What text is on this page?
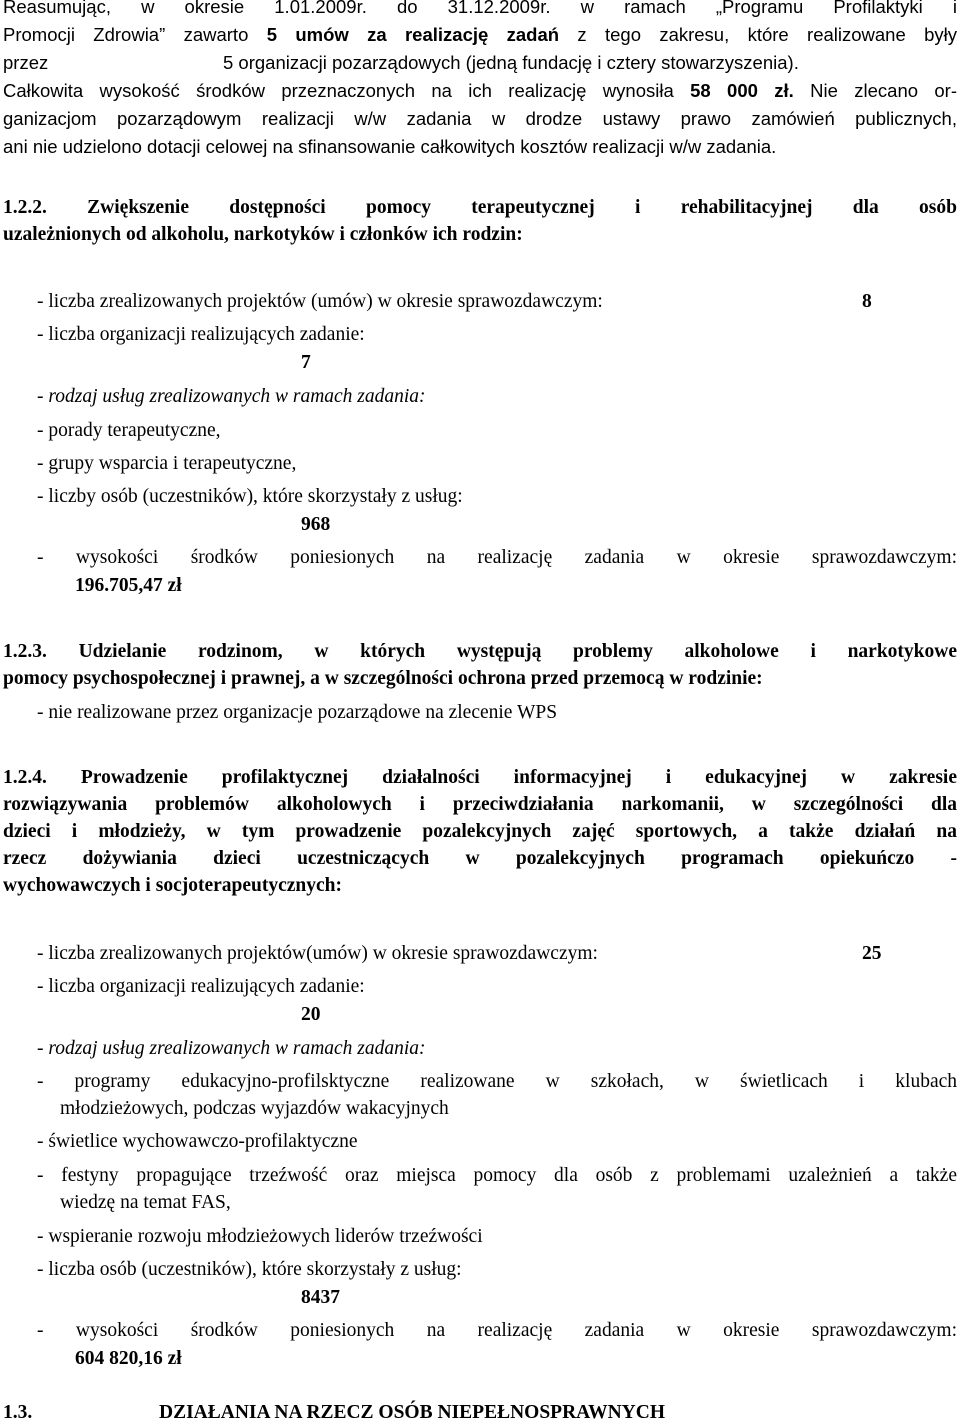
Reasumując, w okresie 1.01.2009r. do 31.12.2009r. w ramach „Programu Profilaktyki i
Promocji Zdrowia” zawarto 5 umów za realizację zadań z tego zakresu, które realizowane były
przez	5 organizacji pozarządowych (jedną fundację i cztery stowarzyszenia).
Całkowita wysokość środków przeznaczonych na ich realizację wynosiła 58 000 zł. Nie zlecano or-
ganizacjom pozarządowym realizacji w/w zadania w drodze ustawy prawo zamówień publicznych,
ani nie udzielono dotacji celowej na sfinansowanie całkowitych kosztów realizacji w/w zadania.
1.2.2. Zwiększenie dostępności pomocy terapeutycznej i rehabilitacyjnej dla osób
uzależnionych od alkoholu, narkotyków i członków ich rodzin:
- liczba zrealizowanych projektów (umów) w okresie sprawozdawczym:	8
- liczba organizacji realizujących zadanie:
7
- rodzaj usług zrealizowanych w ramach zadania:
- porady terapeutyczne,
- grupy wsparcia i terapeutyczne,
- liczby osób (uczestników), które skorzystały z usług:
968
- wysokości środków poniesionych na realizację zadania w okresie sprawozdawczym:
196.705,47 zł
1.2.3. Udzielanie rodzinom, w których występują problemy alkoholowe i narkotykowe
pomocy psychospołecznej i prawnej, a w szczególności ochrona przed przemocą w rodzinie:
- nie realizowane przez organizacje pozarządowe na zlecenie WPS
1.2.4. Prowadzenie profilaktycznej działalności informacyjnej i edukacyjnej w zakresie
rozwiązywania problemów alkoholowych i przeciwdziałania narkomanii, w szczególności dla
dzieci i młodzieży, w tym prowadzenie pozalekcyjnych zajęć sportowych, a także działań na
rzecz dożywiania dzieci uczestniczących w pozalekcyjnych programach opiekuńczo -
wychowawczych i socjoterapeutycznych:
- liczba zrealizowanych projektów(umów) w okresie sprawozdawczym:	25
- liczba organizacji realizujących zadanie:
20
- rodzaj usług zrealizowanych w ramach zadania:
- programy edukacyjno-profilsktyczne realizowane w szkołach, w świetlicach i klubach
młodzieżowych, podczas wyjazdów wakacyjnych
- świetlice wychowawczo-profilaktyczne
- festyny propagujące trzeźwość oraz miejsca pomocy dla osób z problemami uzależnień a także
wiedzę na temat FAS,
- wspieranie rozwoju młodzieżowych liderów trzeźwości
- liczba osób (uczestników), które skorzystały z usług:
8437
- wysokości środków poniesionych na realizację zadania w okresie sprawozdawczym:
604 820,16 zł
1.3.	DZIAŁANIA NA RZECZ OSÓB NIEPEŁNOSPRAWNYCH
